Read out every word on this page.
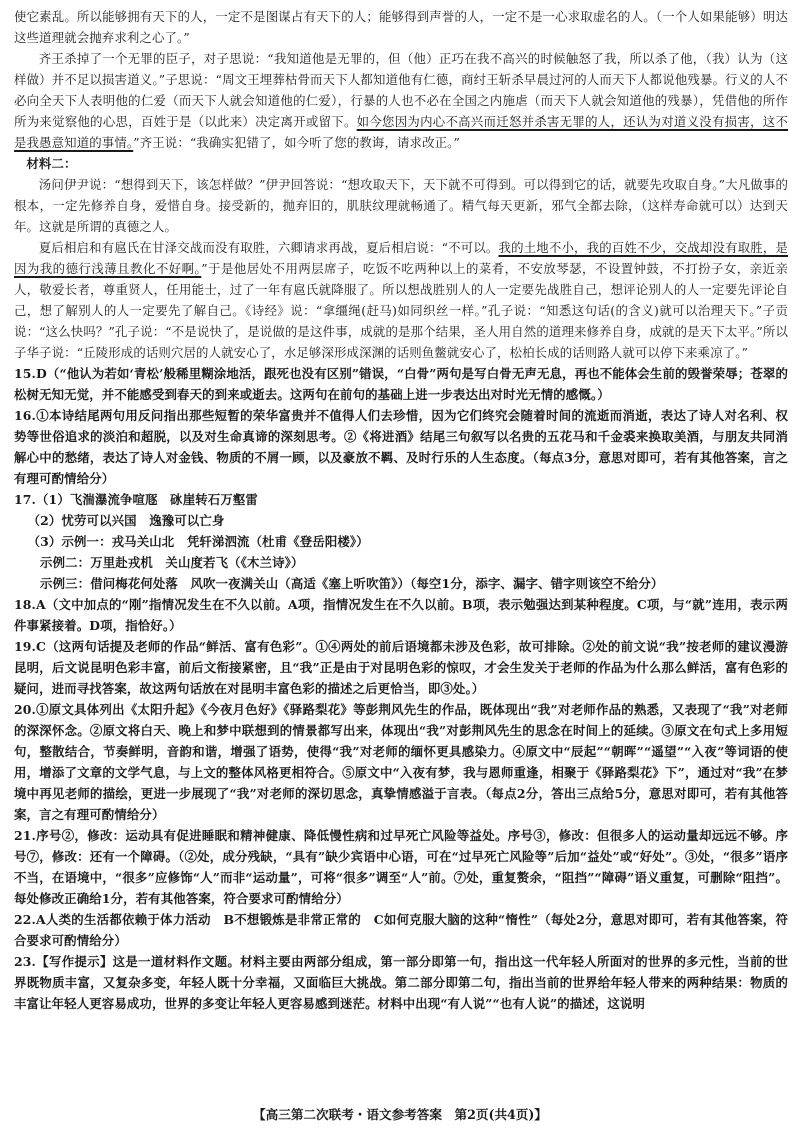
使它素乱。所以能够拥有天下的人，一定不是图谋占有天下的人；能够得到声誉的人，一定不是一心求取虚名的人。（一个人如果能够）明达这些道理就会抛弃求利之心了。”

齐王杀掉了一个无罪的臣子，对子思说：“我知道他是无罪的，但（他）正巧在我不高兴的时候触怒了我，所以杀了他，（我）认为（这样做）并不足以损害道义。”子思说：“周文王埋葬枯骨而天下人都知道他有仁德，商纣王斩杀早晨过河的人而天下人都说他残暴。行义的人不必向全天下人表明他的仁爱（而天下人就会知道他的仁爱），行暴的人也不必在全国之内施虐（而天下人就会知道他的残暴），凭借他的所作所为来觉察他的心思，百姓于是（以此来）决定离开或留下。如今您因为内心不高兴而迁怒并杀害无罪的人，还认为对道义没有损害，这不是我愚意知道的事情。”齐王说：“我确实犯错了，如今听了您的教诲，请求改正。”

材料二：

汤问伊尹说：“想得到天下，该怎样做？”伊尹回答说：“想攻取天下，天下就不可得到。可以得到它的话，就要先攻取自身。”大凡做事的根本，一定先修养自身，爱惜自身。接受新的，抛弃旧的，肌肤纹理就畅通了。精气每天更新，邪气全都去除，（这样寿命就可以）达到天年。这就是所谓的真德之人。

夏后相启和有扈氏在甘泽交战而没有取胜，六卿请求再战，夏后相启说：“不可以。我的土地不小，我的百姓不少，交战却没有取胜，是因为我的德行浅薄且教化不好啊。”于是他居处不用两层席子，吃饭不吃两种以上的菜肴，不安放琴瑟，不设置钟鼓，不打扮子女，亲近亲人，敬爱长者，尊重贤人，任用能士，过了一年有扈氏就降服了。所以想战胜别人的人一定要先战胜自己，想评论别人的人一定要先评论自己，想了解别人的人一定要先了解自己。《诗经》说：“拿缰绳(赶马)如同织丝一样。”孔子说：“知悉这句话(的含义)就可以治理天下。”子贡说：“这么快吗？”孔子说：“不是说快了，是说做的是这件事，成就的是那个结果，圣人用自然的道理来修养自身，成就的是天下太平。”所以子华子说：“丘陵形成的话则穴居的人就安心了，水足够深形成深渊的话则鱼鳖就安心了，松柏长成的话则路人就可以停下来乘凉了。”

15.D（“他认为若如‘青松’般稀里糊涂地活，跟死也没有区别”错误，“白骨”两句是写白骨无声无息，再也不能体会生前的毁誉荣辱；苍翠的松树无知无觉，并不能感受到春天的到来或逝去。这两句在前句的基础上进一步表达出对时光无情的感慨。）

16.①本诗结尾两句用反问指出那些短暂的荣华富贵并不值得人们去珍惜，因为它们终究会随着时间的流逝而消逝，表达了诗人对名利、权势等世俗追求的淡泊和超脱，以及对生命真谛的深刻思考。②《将进酒》结尾三句叙写以名贵的五花马和千金裘来换取美酒，与朋友共同消解心中的愁绪，表达了诗人对金钱、物质的不屑一顾，以及豪放不羁、及时行乐的人生态度。（每点3分，意思对即可，若有其他答案，言之有理可酌情给分）

17.（1）飞湍瀑流争喧豗　砯崖转石万壑雷

（2）忧劳可以兴国　逸豫可以亡身

（3）示例一：戎马关山北　凭轩涕泗流（杜甫《登岳阳楼》）

示例二：万里赴戎机　关山度若飞（《木兰诗》）

示例三：借问梅花何处落　风吹一夜满关山（高适《塞上听吹笛》）（每空1分，添字、漏字、错字则该空不给分）

18.A（文中加点的“刚”指情况发生在不久以前。A项，指情况发生在不久以前。B项，表示勉强达到某种程度。C项，与“就”连用，表示两件事紧接着。D项，指恰好。）

19.C（这两句话提及老师的作品“鲜活、富有色彩”。①④两处的前后语境都未涉及色彩，故可排除。②处的前文说“我”按老师的建议漫游昆明，后文说昆明色彩丰富，前后文衔接紧密，且“我”正是由于对昆明色彩的惊叹，才会生发关于老师的作品为什么那么鲜活，富有色彩的疑问，进而寻找答案，故这两句话放在对昆明丰富色彩的描述之后更恰当，即③处。）

20.①原文具体列出《太阳升起》《今夜月色好》《驿路梨花》等彭荆风先生的作品，既体现出“我”对老师作品的熟悉，又表现了“我”对老师的深深怀念。②原文将白天、晚上和梦中联想到的情景都写出来，体现出“我”对彭荆风先生的思念在时间上的延续。③原文在句式上多用短句，整散结合，节奏鲜明，音韵和谐，增强了语势，使得“我”对老师的缅怀更具感染力。④原文中“辰起”“朝晖”“遥望”“入夜”等词语的使用，增添了文章的文学气息，与上文的整体风格更相符合。⑤原文中“入夜有梦，我与恩师重逢，相聚于《驿路梨花》下”，通过对“我”在梦境中再见老师的描绘，更进一步展现了“我”对老师的深切思念，真挚情感溢于言表。（每点2分，答出三点给5分，意思对即可，若有其他答案，言之有理可酌情给分）

21.序号②，修改：运动具有促进睡眠和精神健康、降低慢性病和过早死亡风险等益处。序号③，修改：但很多人的运动量却远远不够。序号⑦，修改：还有一个障碍。（②处，成分残缺，“具有”缺少宾语中心语，可在“过早死亡风险等”后加“益处”或“好处”。③处，“很多”语序不当，在语境中，“很多”应修饰“人”而非“运动量”，可将“很多”调至“人”前。⑦处，重复赘余，“阻挡”“障碍”语义重复，可删除“阻挡”。每处修改正确给1分，若有其他答案，符合要求可酌情给分）

22.A人类的生活都依赖于体力活动　B不想锻炼是非常正常的　C如何克服大脑的这种“惰性”（每处2分，意思对即可，若有其他答案，符合要求可酌情给分）

23.【写作提示】这是一道材料作文题。材料主要由两部分组成，第一部分即第一句，指出这一代年轻人所面对的世界的多元性，当前的世界既物质丰富，又复杂多变，年轻人既十分幸福，又面临巨大挑战。第二部分即第二句，指出当前的世界给年轻人带来的两种结果：物质的丰富让年轻人更容易成功，世界的多变让年轻人更容易感到迷茫。材料中出现“有人说”“也有人说”的描述，这说明

【高三第二次联考・语文参考答案　第2页(共4页)】
